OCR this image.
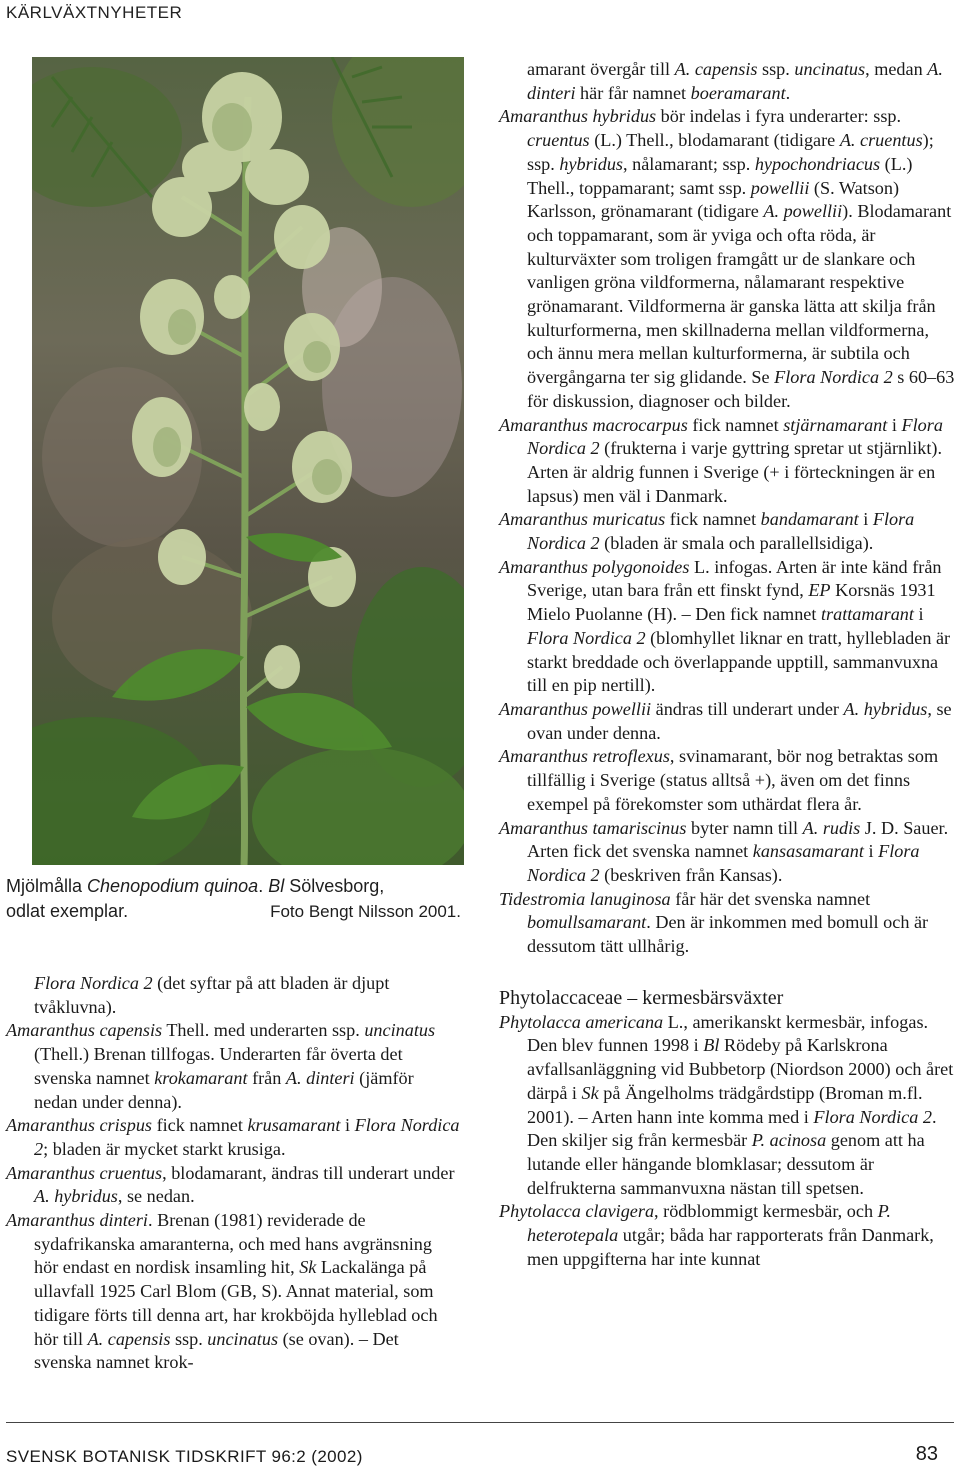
KÄRLVÄXTNYHETER
Mjölmålla Chenopodium quinoa. Bl Sölvesborg,
odlat exemplar.	Foto Bengt Nilsson 2001.

Flora Nordica 2 (det syftar på att bladen är djupt tvåkluvna).

Amaranthus capensis Thell. med underarten ssp. uncinatus (Thell.) Brenan tillfogas. Underarten får överta det svenska namnet krokamarant från A. dinteri (jämför nedan under denna).

Amaranthus crispus fick namnet krusamarant i Flora Nordica 2; bladen är mycket starkt krusiga.

Amaranthus cruentus, blodamarant, ändras till underart under A. hybridus, se nedan.

Amaranthus dinteri. Brenan (1981) reviderade de sydafrikanska amaranterna, och med hans avgränsning hör endast en nordisk insamling hit, Sk Lackalänga på ullavfall 1925 Carl Blom (GB, S). Annat material, som tidigare förts till denna art, har krokböjda hylleblad och hör till A. capensis ssp. uncinatus (se ovan). – Det svenska namnet krok-

amarant övergår till A. capensis ssp. uncinatus, medan A. dinteri här får namnet boeramarant.

Amaranthus hybridus bör indelas i fyra underarter: ssp. cruentus (L.) Thell., blodamarant (tidigare A. cruentus); ssp. hybridus, nålamarant; ssp. hypochondriacus (L.) Thell., toppamarant; samt ssp. powellii (S. Watson) Karlsson, grönamarant (tidigare A. powellii). Blodamarant och toppamarant, som är yviga och ofta röda, är kulturväxter som troligen framgått ur de slankare och vanligen gröna vildformerna, nålamarant respektive grönamarant. Vildformerna är ganska lätta att skilja från kulturformerna, men skillnaderna mellan vildformerna, och ännu mera mellan kulturformerna, är subtila och övergångarna ter sig glidande. Se Flora Nordica 2 s 60–63 för diskussion, diagnoser och bilder.

Amaranthus macrocarpus fick namnet stjärnamarant i Flora Nordica 2 (frukterna i varje gyttring spretar ut stjärnlikt). Arten är aldrig funnen i Sverige (+ i förteckningen är en lapsus) men väl i Danmark.

Amaranthus muricatus fick namnet bandamarant i Flora Nordica 2 (bladen är smala och parallellsidiga).

Amaranthus polygonoides L. infogas. Arten är inte känd från Sverige, utan bara från ett finskt fynd, EP Korsnäs 1931 Mielo Puolanne (H). – Den fick namnet trattamarant i Flora Nordica 2 (blomhyllet liknar en tratt, hyllebladen är starkt breddade och överlappande upptill, sammanvuxna till en pip nertill).

Amaranthus powellii ändras till underart under A. hybridus, se ovan under denna.

Amaranthus retroflexus, svinamarant, bör nog betraktas som tillfällig i Sverige (status alltså +), även om det finns exempel på förekomster som uthärdat flera år.

Amaranthus tamariscinus byter namn till A. rudis J. D. Sauer. Arten fick det svenska namnet kansasamarant i Flora Nordica 2 (beskriven från Kansas).

Tidestromia lanuginosa får här det svenska namnet bomullsamarant. Den är inkommen med bomull och är dessutom tätt ullhårig.

Phytolaccaceae – kermesbärsväxter

Phytolacca americana L., amerikanskt kermesbär, infogas. Den blev funnen 1998 i Bl Rödeby på Karlskrona avfallsanläggning vid Bubbetorp (Niordson 2000) och året därpå i Sk på Ängelholms trädgårdstipp (Broman m.fl. 2001). – Arten hann inte komma med i Flora Nordica 2. Den skiljer sig från kermesbär P. acinosa genom att ha lutande eller hängande blomklasar; dessutom är delfrukterna sammanvuxna nästan till spetsen.

Phytolacca clavigera, rödblommigt kermesbär, och P. heterotepala utgår; båda har rapporterats från Danmark, men uppgifterna har inte kunnat

SVENSK BOTANISK TIDSKRIFT 96:2 (2002)	83
